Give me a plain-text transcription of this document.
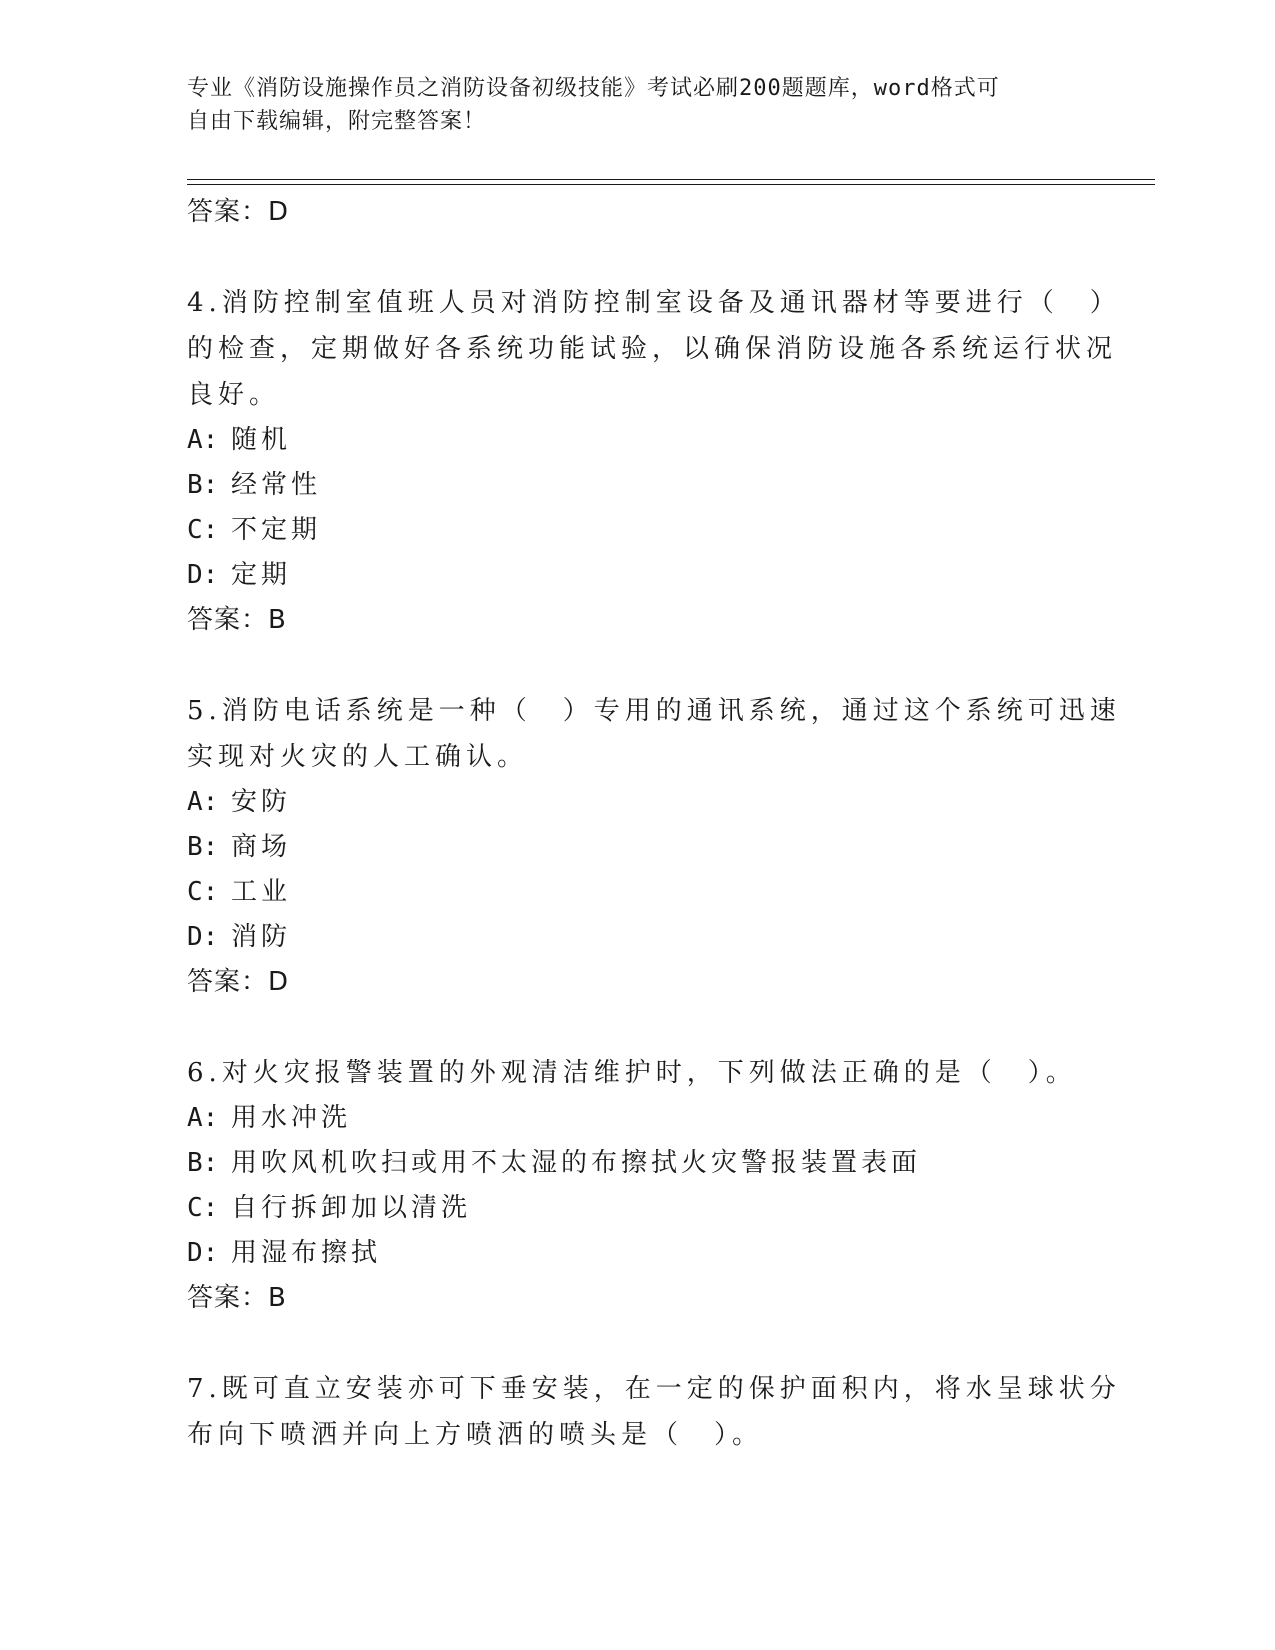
专业《消防设施操作员之消防设备初级技能》考试必刷200题题库，word格式可
自由下载编辑，附完整答案！
答案：D
4.消防控制室值班人员对消防控制室设备及通讯器材等要进行（　）
的检查，定期做好各系统功能试验，以确保消防设施各系统运行状况
良好。
A: 随机
B: 经常性
C: 不定期
D: 定期
答案：B
5.消防电话系统是一种（　）专用的通讯系统，通过这个系统可迅速
实现对火灾的人工确认。
A: 安防
B: 商场
C: 工业
D: 消防
答案：D
6.对火灾报警装置的外观清洁维护时，下列做法正确的是（　）。
A: 用水冲洗
B: 用吹风机吹扫或用不太湿的布擦拭火灾警报装置表面
C: 自行拆卸加以清洗
D: 用湿布擦拭
答案：B
7.既可直立安装亦可下垂安装，在一定的保护面积内，将水呈球状分
布向下喷洒并向上方喷洒的喷头是（　）。
